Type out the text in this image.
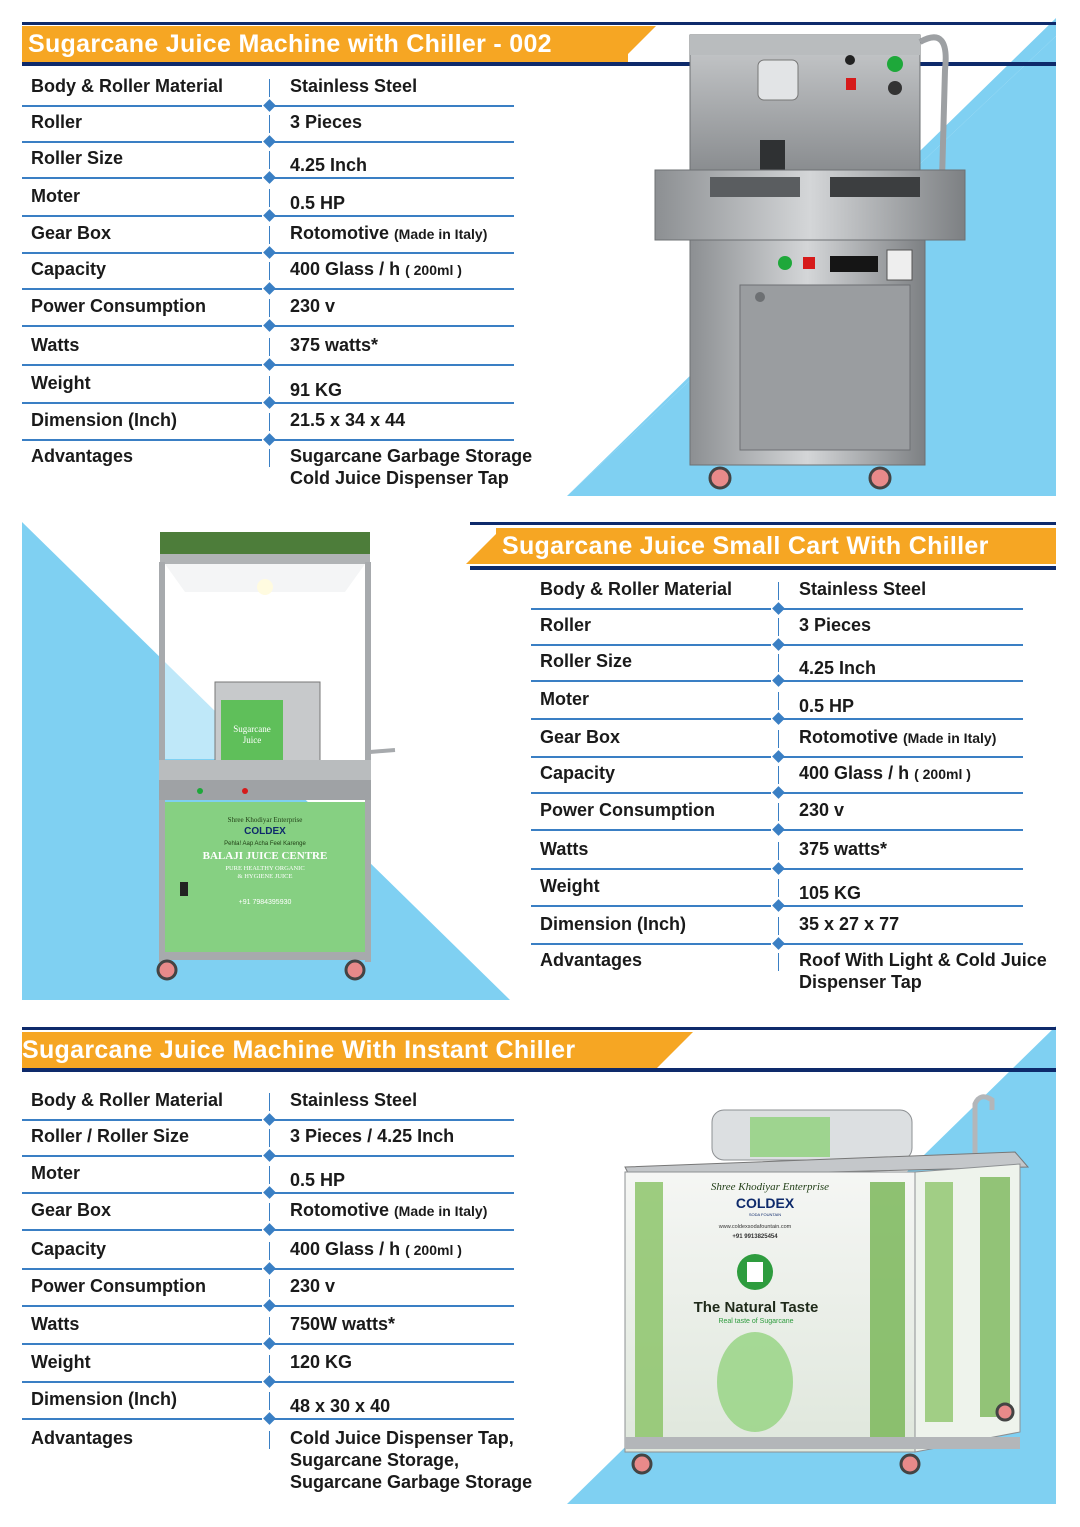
Sugarcane Juice Machine with Chiller - 002
Body & Roller Material	Stainless Steel
Roller	3 Pieces
Roller Size	4.25 Inch
Moter	0.5 HP
Gear Box	Rotomotive (Made in Italy)
Capacity	400 Glass / h ( 200ml )
Power Consumption	230 v
Watts	375 watts*
Weight	91 KG
Dimension (Inch)	21.5 x 34 x 44
Advantages	Sugarcane Garbage Storage
Cold Juice Dispenser Tap
Sugarcane Juice Small Cart With Chiller
Sugarcane
Juice
Shree Khodiyar Enterprise
COLDEX
Pehla! Aap Acha Feel Karenge
BALAJI JUICE CENTRE
PURE HEALTHY ORGANIC
& HYGIENE JUICE
+91 7984395930
Body & Roller Material	Stainless Steel
Roller	3 Pieces
Roller Size	4.25 Inch
Moter	0.5 HP
Gear Box	Rotomotive (Made in Italy)
Capacity	400 Glass / h ( 200ml )
Power Consumption	230 v
Watts	375 watts*
Weight	105 KG
Dimension (Inch)	35 x 27 x 77
Advantages	Roof With Light & Cold Juice
Dispenser Tap
Sugarcane Juice Machine With Instant Chiller
Shree Khodiyar Enterprise
COLDEX
SODA FOUNTAIN
www.coldexsodafountain.com
+91 9913825454
The Natural Taste
Real taste of Sugarcane
Body & Roller Material	Stainless Steel
Roller / Roller Size	3 Pieces / 4.25 Inch
Moter	0.5 HP
Gear Box	Rotomotive (Made in Italy)
Capacity	400 Glass / h ( 200ml )
Power Consumption	230 v
Watts	750W watts*
Weight	120 KG
Dimension (Inch)	48 x 30 x 40
Advantages	Cold Juice Dispenser Tap,
Sugarcane Storage,
Sugarcane Garbage Storage
